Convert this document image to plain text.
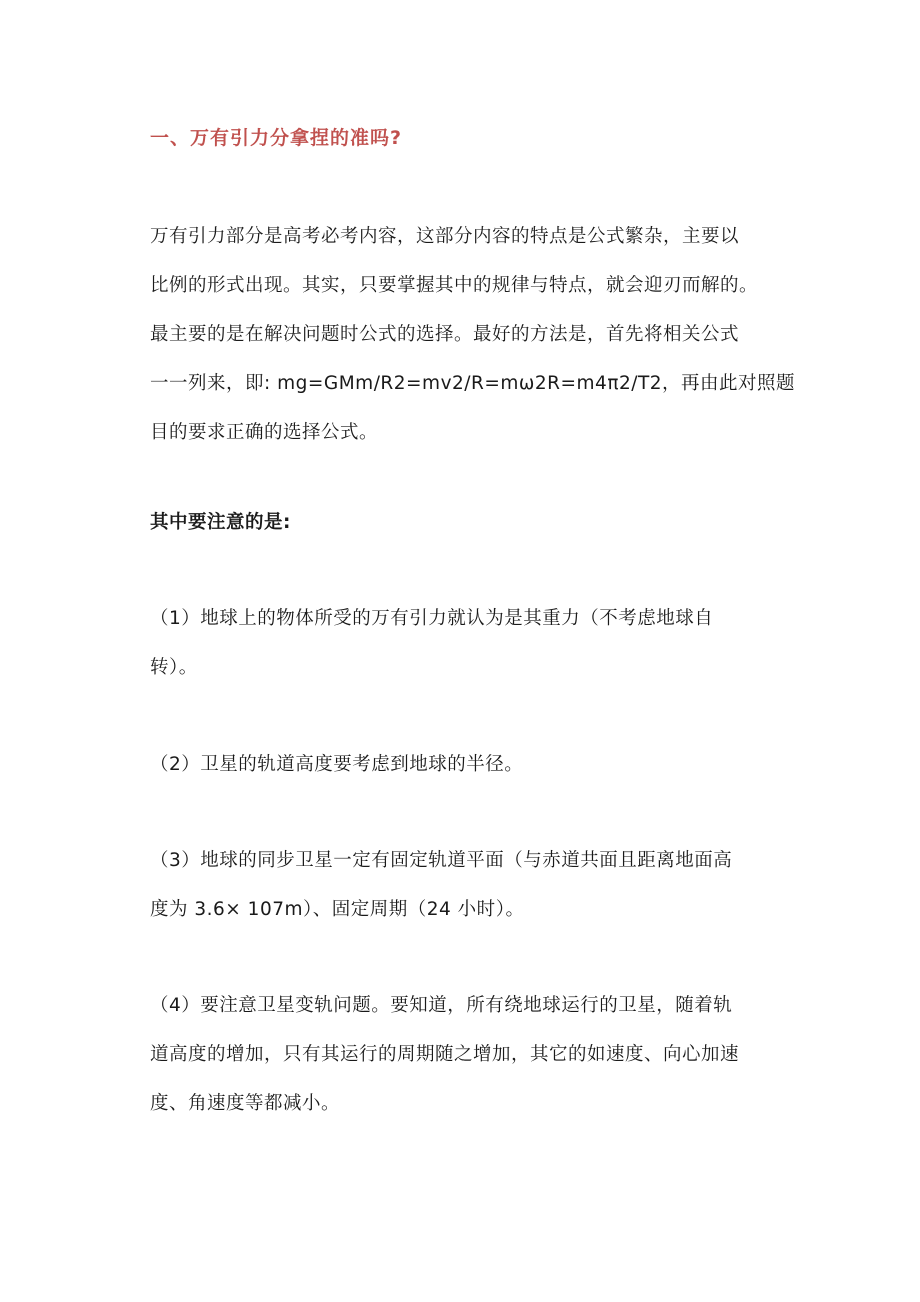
一、万有引力分拿捏的准吗?

万有引力部分是高考必考内容，这部分内容的特点是公式繁杂，主要以
比例的形式出现。其实，只要掌握其中的规律与特点，就会迎刃而解的。
最主要的是在解决问题时公式的选择。最好的方法是，首先将相关公式
一一列来，即: mg=GMm/R2=mv2/R=mω2R=m4π2/T2，再由此对照题
目的要求正确的选择公式。

其中要注意的是:

（1）地球上的物体所受的万有引力就认为是其重力（不考虑地球自
转）。

（2）卫星的轨道高度要考虑到地球的半径。

（3）地球的同步卫星一定有固定轨道平面（与赤道共面且距离地面高
度为 3.6× 107m）、固定周期（24 小时）。

（4）要注意卫星变轨问题。要知道，所有绕地球运行的卫星，随着轨
道高度的增加，只有其运行的周期随之增加，其它的如速度、向心加速
度、角速度等都减小。
